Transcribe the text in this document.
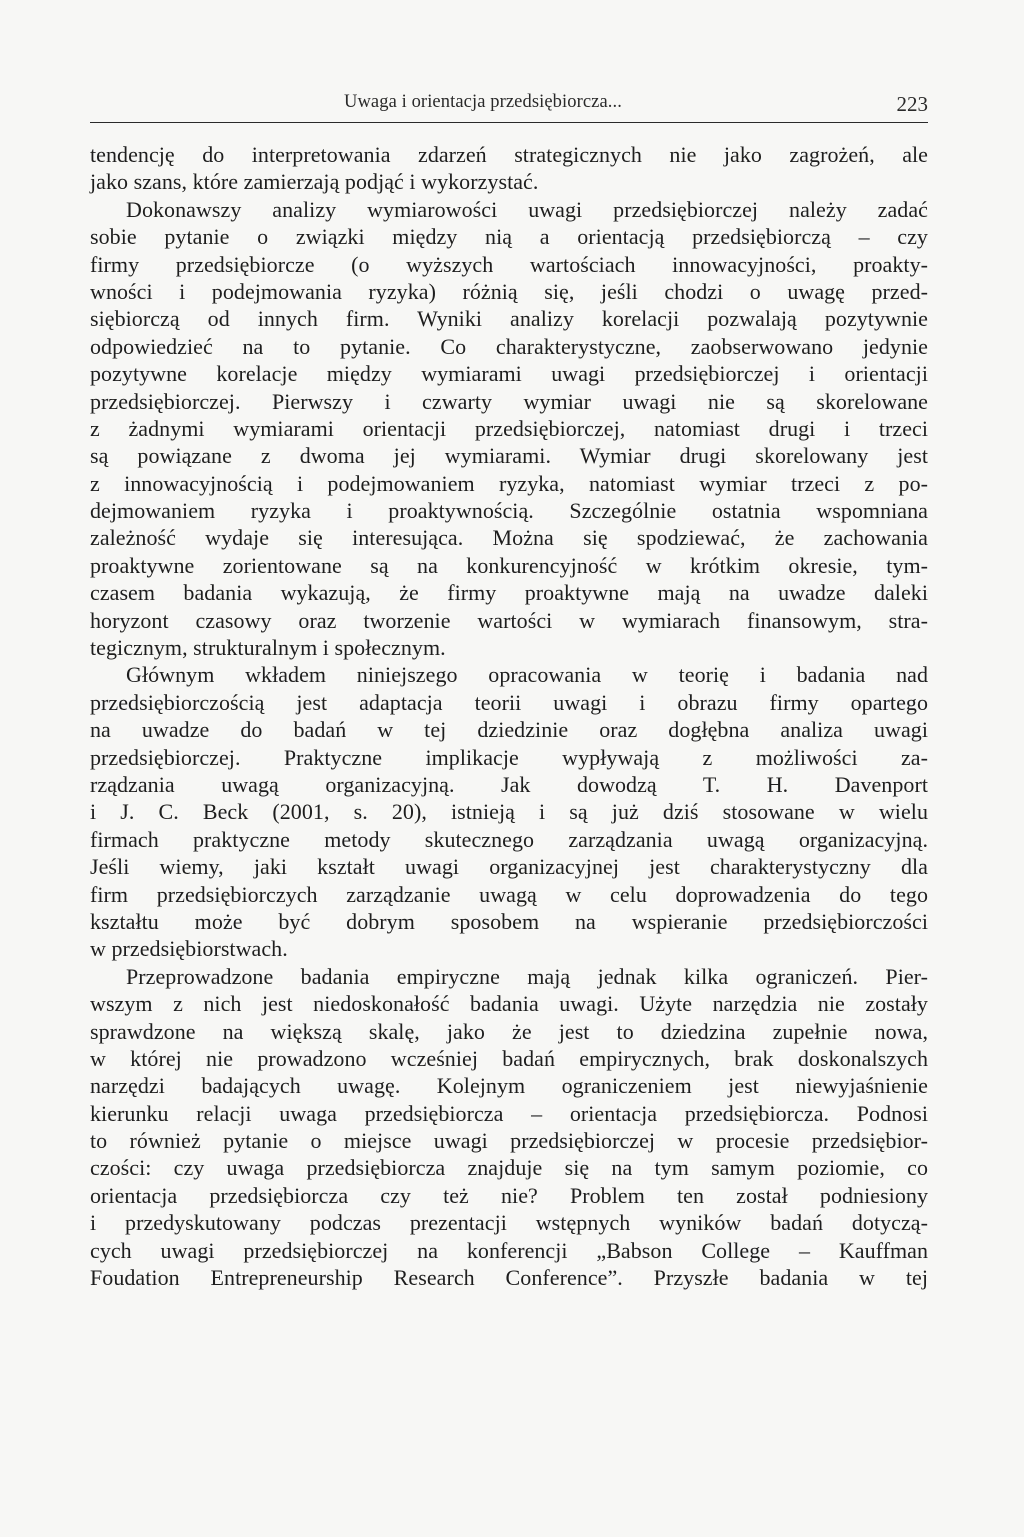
Uwaga i orientacja przedsiębiorcza...	223
tendencję do interpretowania zdarzeń strategicznych nie jako zagrożeń, ale
jako szans, które zamierzają podjąć i wykorzystać.
Dokonawszy analizy wymiarowości uwagi przedsiębiorczej należy zadać
sobie pytanie o związki między nią a orientacją przedsiębiorczą – czy
firmy przedsiębiorcze (o wyższych wartościach innowacyjności, proakty-
wności i podejmowania ryzyka) różnią się, jeśli chodzi o uwagę przed-
siębiorczą od innych firm. Wyniki analizy korelacji pozwalają pozytywnie
odpowiedzieć na to pytanie. Co charakterystyczne, zaobserwowano jedynie
pozytywne korelacje między wymiarami uwagi przedsiębiorczej i orientacji
przedsiębiorczej. Pierwszy i czwarty wymiar uwagi nie są skorelowane
z żadnymi wymiarami orientacji przedsiębiorczej, natomiast drugi i trzeci
są powiązane z dwoma jej wymiarami. Wymiar drugi skorelowany jest
z innowacyjnością i podejmowaniem ryzyka, natomiast wymiar trzeci z po-
dejmowaniem ryzyka i proaktywnością. Szczególnie ostatnia wspomniana
zależność wydaje się interesująca. Można się spodziewać, że zachowania
proaktywne zorientowane są na konkurencyjność w krótkim okresie, tym-
czasem badania wykazują, że firmy proaktywne mają na uwadze daleki
horyzont czasowy oraz tworzenie wartości w wymiarach finansowym, stra-
tegicznym, strukturalnym i społecznym.
Głównym wkładem niniejszego opracowania w teorię i badania nad
przedsiębiorczością jest adaptacja teorii uwagi i obrazu firmy opartego
na uwadze do badań w tej dziedzinie oraz dogłębna analiza uwagi
przedsiębiorczej. Praktyczne implikacje wypływają z możliwości za-
rządzania uwagą organizacyjną. Jak dowodzą T. H. Davenport
i J. C. Beck (2001, s. 20), istnieją i są już dziś stosowane w wielu
firmach praktyczne metody skutecznego zarządzania uwagą organizacyjną.
Jeśli wiemy, jaki kształt uwagi organizacyjnej jest charakterystyczny dla
firm przedsiębiorczych zarządzanie uwagą w celu doprowadzenia do tego
kształtu może być dobrym sposobem na wspieranie przedsiębiorczości
w przedsiębiorstwach.
Przeprowadzone badania empiryczne mają jednak kilka ograniczeń. Pier-
wszym z nich jest niedoskonałość badania uwagi. Użyte narzędzia nie zostały
sprawdzone na większą skalę, jako że jest to dziedzina zupełnie nowa,
w której nie prowadzono wcześniej badań empirycznych, brak doskonalszych
narzędzi badających uwagę. Kolejnym ograniczeniem jest niewyjaśnienie
kierunku relacji uwaga przedsiębiorcza – orientacja przedsiębiorcza. Podnosi
to również pytanie o miejsce uwagi przedsiębiorczej w procesie przedsiębior-
czości: czy uwaga przedsiębiorcza znajduje się na tym samym poziomie, co
orientacja przedsiębiorcza czy też nie? Problem ten został podniesiony
i przedyskutowany podczas prezentacji wstępnych wyników badań dotyczą-
cych uwagi przedsiębiorczej na konferencji „Babson College – Kauffman
Foudation Entrepreneurship Research Conference”. Przyszłe badania w tej
